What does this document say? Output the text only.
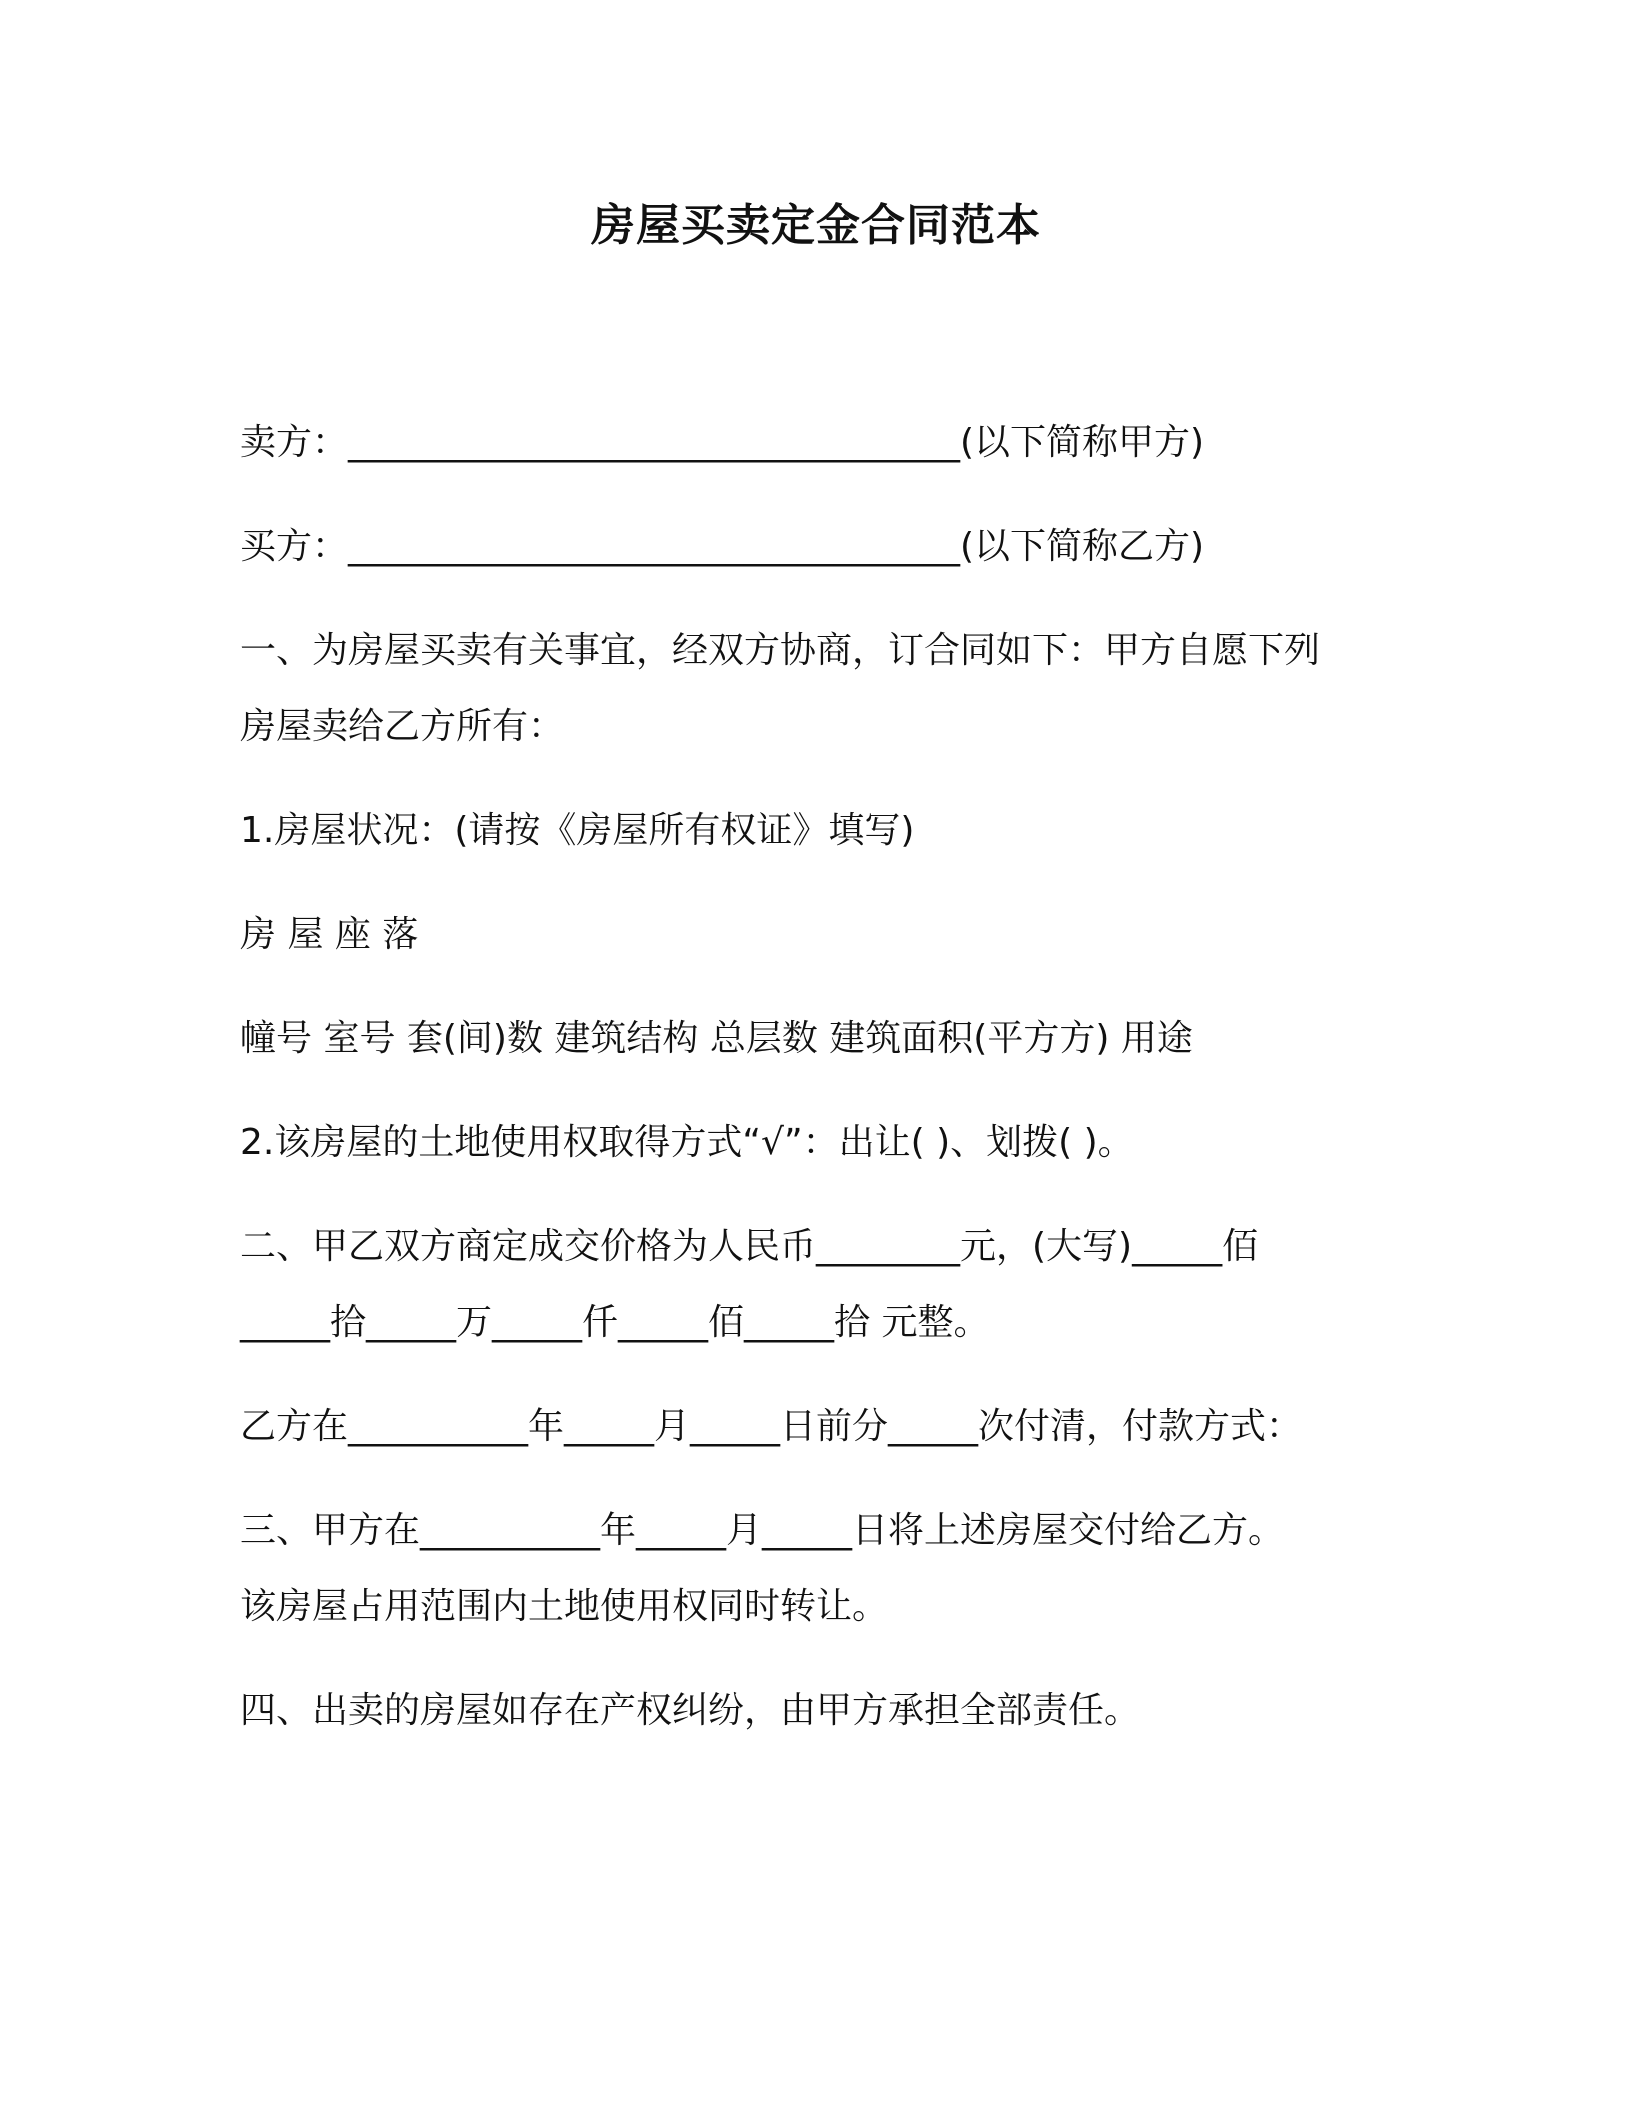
房屋买卖定金合同范本
卖方：__________________________________(以下简称甲方)
买方：__________________________________(以下简称乙方)
一、为房屋买卖有关事宜，经双方协商，订合同如下：甲方自愿下列
房屋卖给乙方所有：
1.房屋状况：(请按《房屋所有权证》填写)
房 屋 座 落
幢号 室号 套(间)数 建筑结构 总层数 建筑面积(平方方) 用途
2.该房屋的土地使用权取得方式“√”：出让( )、划拨( )。
二、甲乙双方商定成交价格为人民币________元，(大写)_____佰
_____拾_____万_____仟_____佰_____拾 元整。
乙方在__________年_____月_____日前分_____次付清，付款方式：
三、甲方在__________年_____月_____日将上述房屋交付给乙方。
该房屋占用范围内土地使用权同时转让。
四、出卖的房屋如存在产权纠纷，由甲方承担全部责任。
